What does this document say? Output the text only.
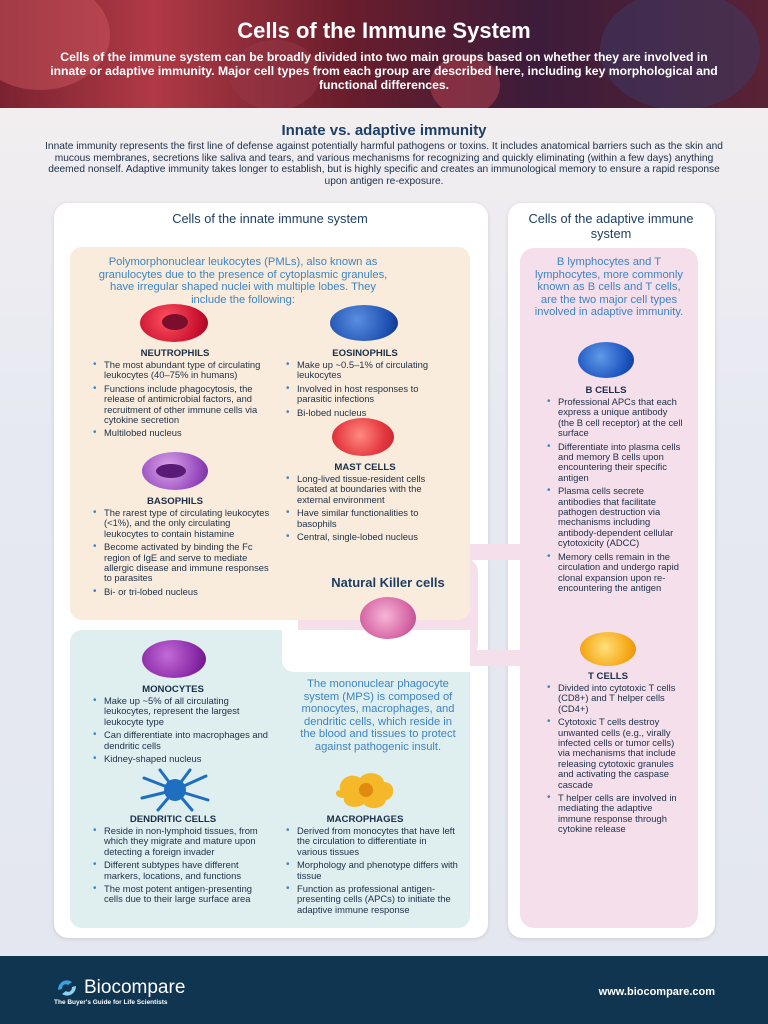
Cells of the Immune System

Cells of the immune system can be broadly divided into two main groups based on whether they are involved in innate or adaptive immunity. Major cell types from each group are described here, including key morphological and functional differences.

Innate vs. adaptive immunity
Innate immunity represents the first line of defense against potentially harmful pathogens or toxins. It includes anatomical barriers such as the skin and mucous membranes, secretions like saliva and tears, and various mechanisms for recognizing and quickly eliminating (within a few days) anything deemed nonself. Adaptive immunity takes longer to establish, but is highly specific and creates an immunological memory to ensure a rapid response upon antigen re-exposure.
Cells of the innate immune system	Cells of the adaptive immune system
Polymorphonuclear leukocytes (PMLs), also known as granulocytes due to the presence of cytoplasmic granules, have irregular shaped nuclei with multiple lobes. They include the following:
NEUTROPHILS
• The most abundant type of circulating leukocytes (40–75% in humans)
• Functions include phagocytosis, the release of antimicrobial factors, and recruitment of other immune cells via cytokine secretion
• Multilobed nucleus
EOSINOPHILS
• Make up ~0.5–1% of circulating leukocytes
• Involved in host responses to parasitic infections
• Bi-lobed nucleus
MAST CELLS
• Long-lived tissue-resident cells located at boundaries with the external environment
• Have similar functionalities to basophils
• Central, single-lobed nucleus
BASOPHILS
• The rarest type of circulating leukocytes (<1%), and the only circulating leukocytes to contain histamine
• Become activated by binding the Fc region of IgE and serve to mediate allergic disease and immune responses to parasites
• Bi- or tri-lobed nucleus
Natural Killer cells
MONOCYTES
• Make up ~5% of all circulating leukocytes, represent the largest leukocyte type
• Can differentiate into macrophages and dendritic cells
• Kidney-shaped nucleus
The mononuclear phagocyte system (MPS) is composed of monocytes, macrophages, and dendritic cells, which reside in the blood and tissues to protect against pathogenic insult.
DENDRITIC CELLS
• Reside in non-lymphoid tissues, from which they migrate and mature upon detecting a foreign invader
• Different subtypes have different markers, locations, and functions
• The most potent antigen-presenting cells due to their large surface area
MACROPHAGES
• Derived from monocytes that have left the circulation to differentiate in various tissues
• Morphology and phenotype differs with tissue
• Function as professional antigen-presenting cells (APCs) to initiate the adaptive immune response
B lymphocytes and T lymphocytes, more commonly known as B cells and T cells, are the two major cell types involved in adaptive immunity.
B CELLS
• Professional APCs that each express a unique antibody (the B cell receptor) at the cell surface
• Differentiate into plasma cells and memory B cells upon encountering their specific antigen
• Plasma cells secrete antibodies that facilitate pathogen destruction via mechanisms including antibody-dependent cellular cytotoxicity (ADCC)
• Memory cells remain in the circulation and undergo rapid clonal expansion upon re-encountering the antigen
T CELLS
• Divided into cytotoxic T cells (CD8+) and T helper cells (CD4+)
• Cytotoxic T cells destroy unwanted cells (e.g., virally infected cells or tumor cells) via mechanisms that include releasing cytotoxic granules and activating the caspase cascade
• T helper cells are involved in mediating the adaptive immune response through cytokine release
Biocompare
The Buyer's Guide for Life Scientists
www.biocompare.com
